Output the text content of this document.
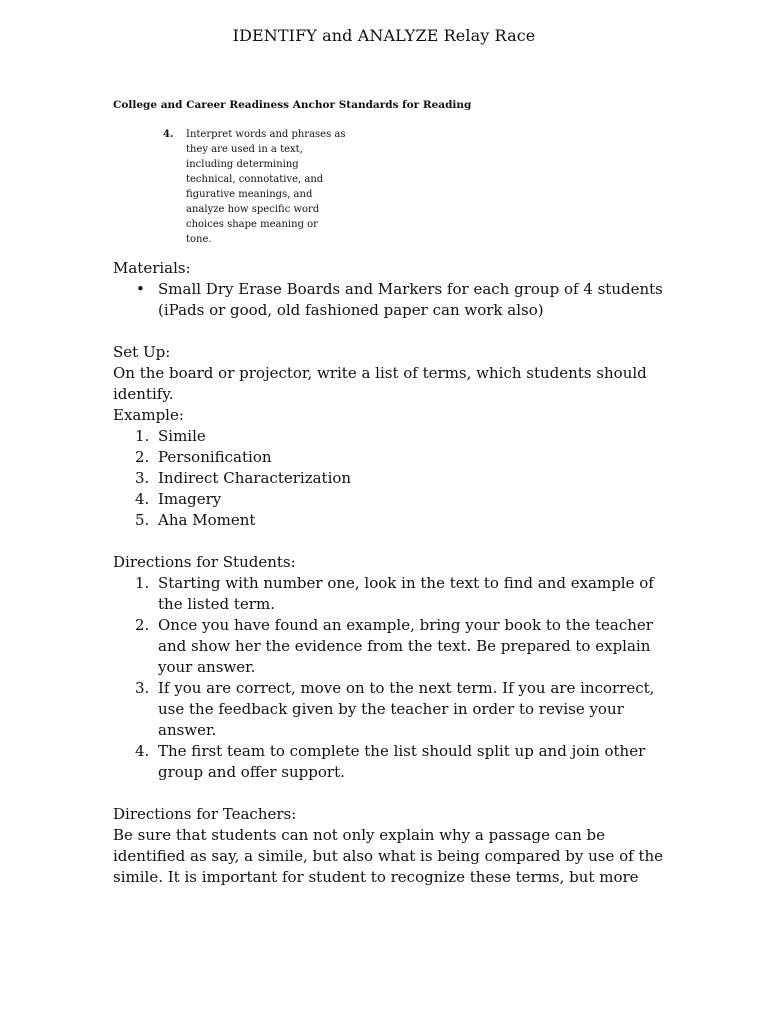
IDENTIFY and ANALYZE Relay Race
College and Career Readiness Anchor Standards for Reading
4. Interpret words and phrases as
they are used in a text,
including determining
technical, connotative, and
figurative meanings, and
analyze how specific word
choices shape meaning or
tone.

Materials:

• Small Dry Erase Boards and Markers for each group of 4 students
(iPads or good, old fashioned paper can work also)

Set Up:

On the board or projector, write a list of terms, which students should

identify.

Example:

1. Simile
2. Personification
3. Indirect Characterization
4. Imagery
5. Aha Moment

Directions for Students:

1. Starting with number one, look in the text to find and example of
the listed term.
2. Once you have found an example, bring your book to the teacher
and show her the evidence from the text. Be prepared to explain
your answer.
3. If you are correct, move on to the next term. If you are incorrect,
use the feedback given by the teacher in order to revise your
answer.
4. The first team to complete the list should split up and join other
group and offer support.

Directions for Teachers:

Be sure that students can not only explain why a passage can be

identified as say, a simile, but also what is being compared by use of the

simile. It is important for student to recognize these terms, but more
